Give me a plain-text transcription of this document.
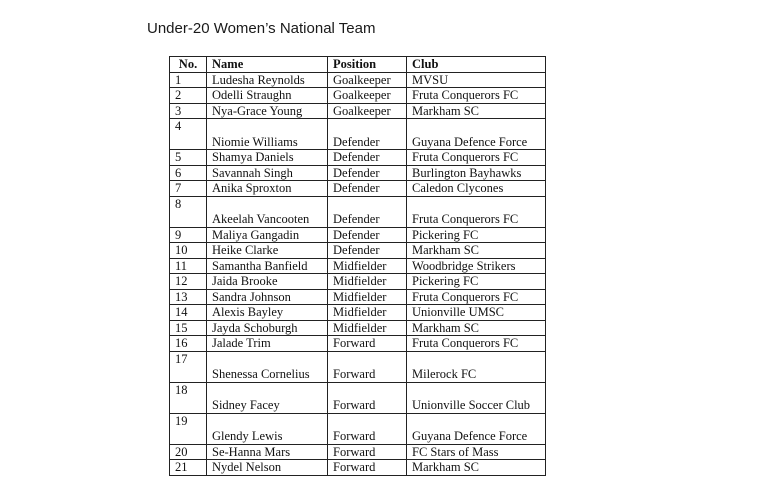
Under-20 Women’s National Team
No.	Name	Position	Club
1	Ludesha Reynolds	Goalkeeper	MVSU
2	Odelli Straughn	Goalkeeper	Fruta Conquerors FC
3	Nya-Grace Young	Goalkeeper	Markham SC
4	Niomie Williams	Defender	Guyana Defence Force
5	Shamya Daniels	Defender	Fruta Conquerors FC
6	Savannah Singh	Defender	Burlington Bayhawks
7	Anika Sproxton	Defender	Caledon Clycones
8	Akeelah Vancooten	Defender	Fruta Conquerors FC
9	Maliya Gangadin	Defender	Pickering FC
10	Heike Clarke	Defender	Markham SC
11	Samantha Banfield	Midfielder	Woodbridge Strikers
12	Jaida Brooke	Midfielder	Pickering FC
13	Sandra Johnson	Midfielder	Fruta Conquerors FC
14	Alexis Bayley	Midfielder	Unionville UMSC
15	Jayda Schoburgh	Midfielder	Markham SC
16	Jalade Trim	Forward	Fruta Conquerors FC
17	Shenessa Cornelius	Forward	Milerock FC
18	Sidney Facey	Forward	Unionville Soccer Club
19	Glendy Lewis	Forward	Guyana Defence Force
20	Se-Hanna Mars	Forward	FC Stars of Mass
21	Nydel Nelson	Forward	Markham SC
